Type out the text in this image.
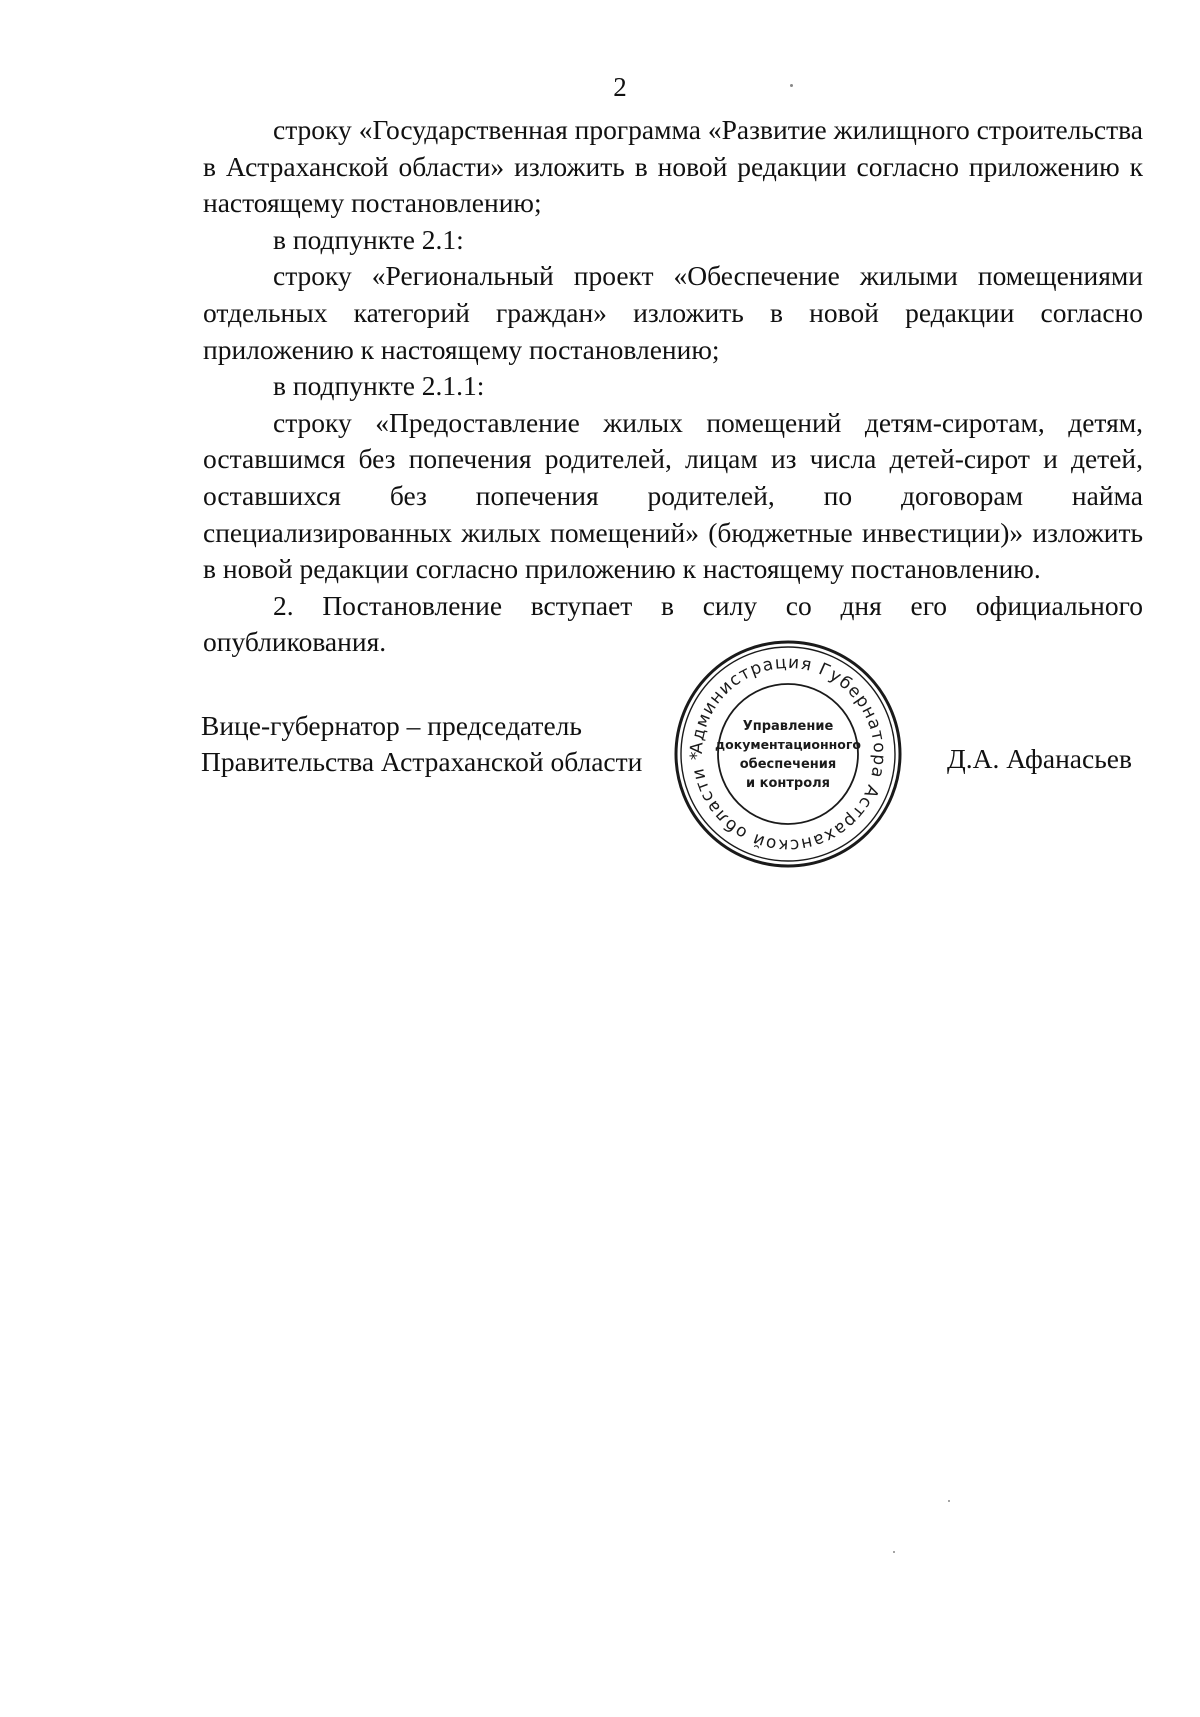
2

строку «Государственная программа «Развитие жилищного строительства в Астраханской области» изложить в новой редакции согласно приложению к настоящему постановлению;

в подпункте 2.1:

строку «Региональный проект «Обеспечение жилыми помещениями отдельных категорий граждан» изложить в новой редакции согласно приложению к настоящему постановлению;

в подпункте 2.1.1:

строку «Предоставление жилых помещений детям-сиротам, детям, оставшимся без попечения родителей, лицам из числа детей-сирот и детей, оставшихся без попечения родителей, по договорам найма специализированных жилых помещений» (бюджетные инвестиции)» изложить в новой редакции согласно приложению к настоящему постановлению.

2. Постановление вступает в силу со дня его официального опубликования.

Вице-губернатор – председатель
Правительства Астраханской области	Д.А. Афанасьев
Администрация Губернатора Астраханской области *
Управление
документационного
обеспечения
и контроля
